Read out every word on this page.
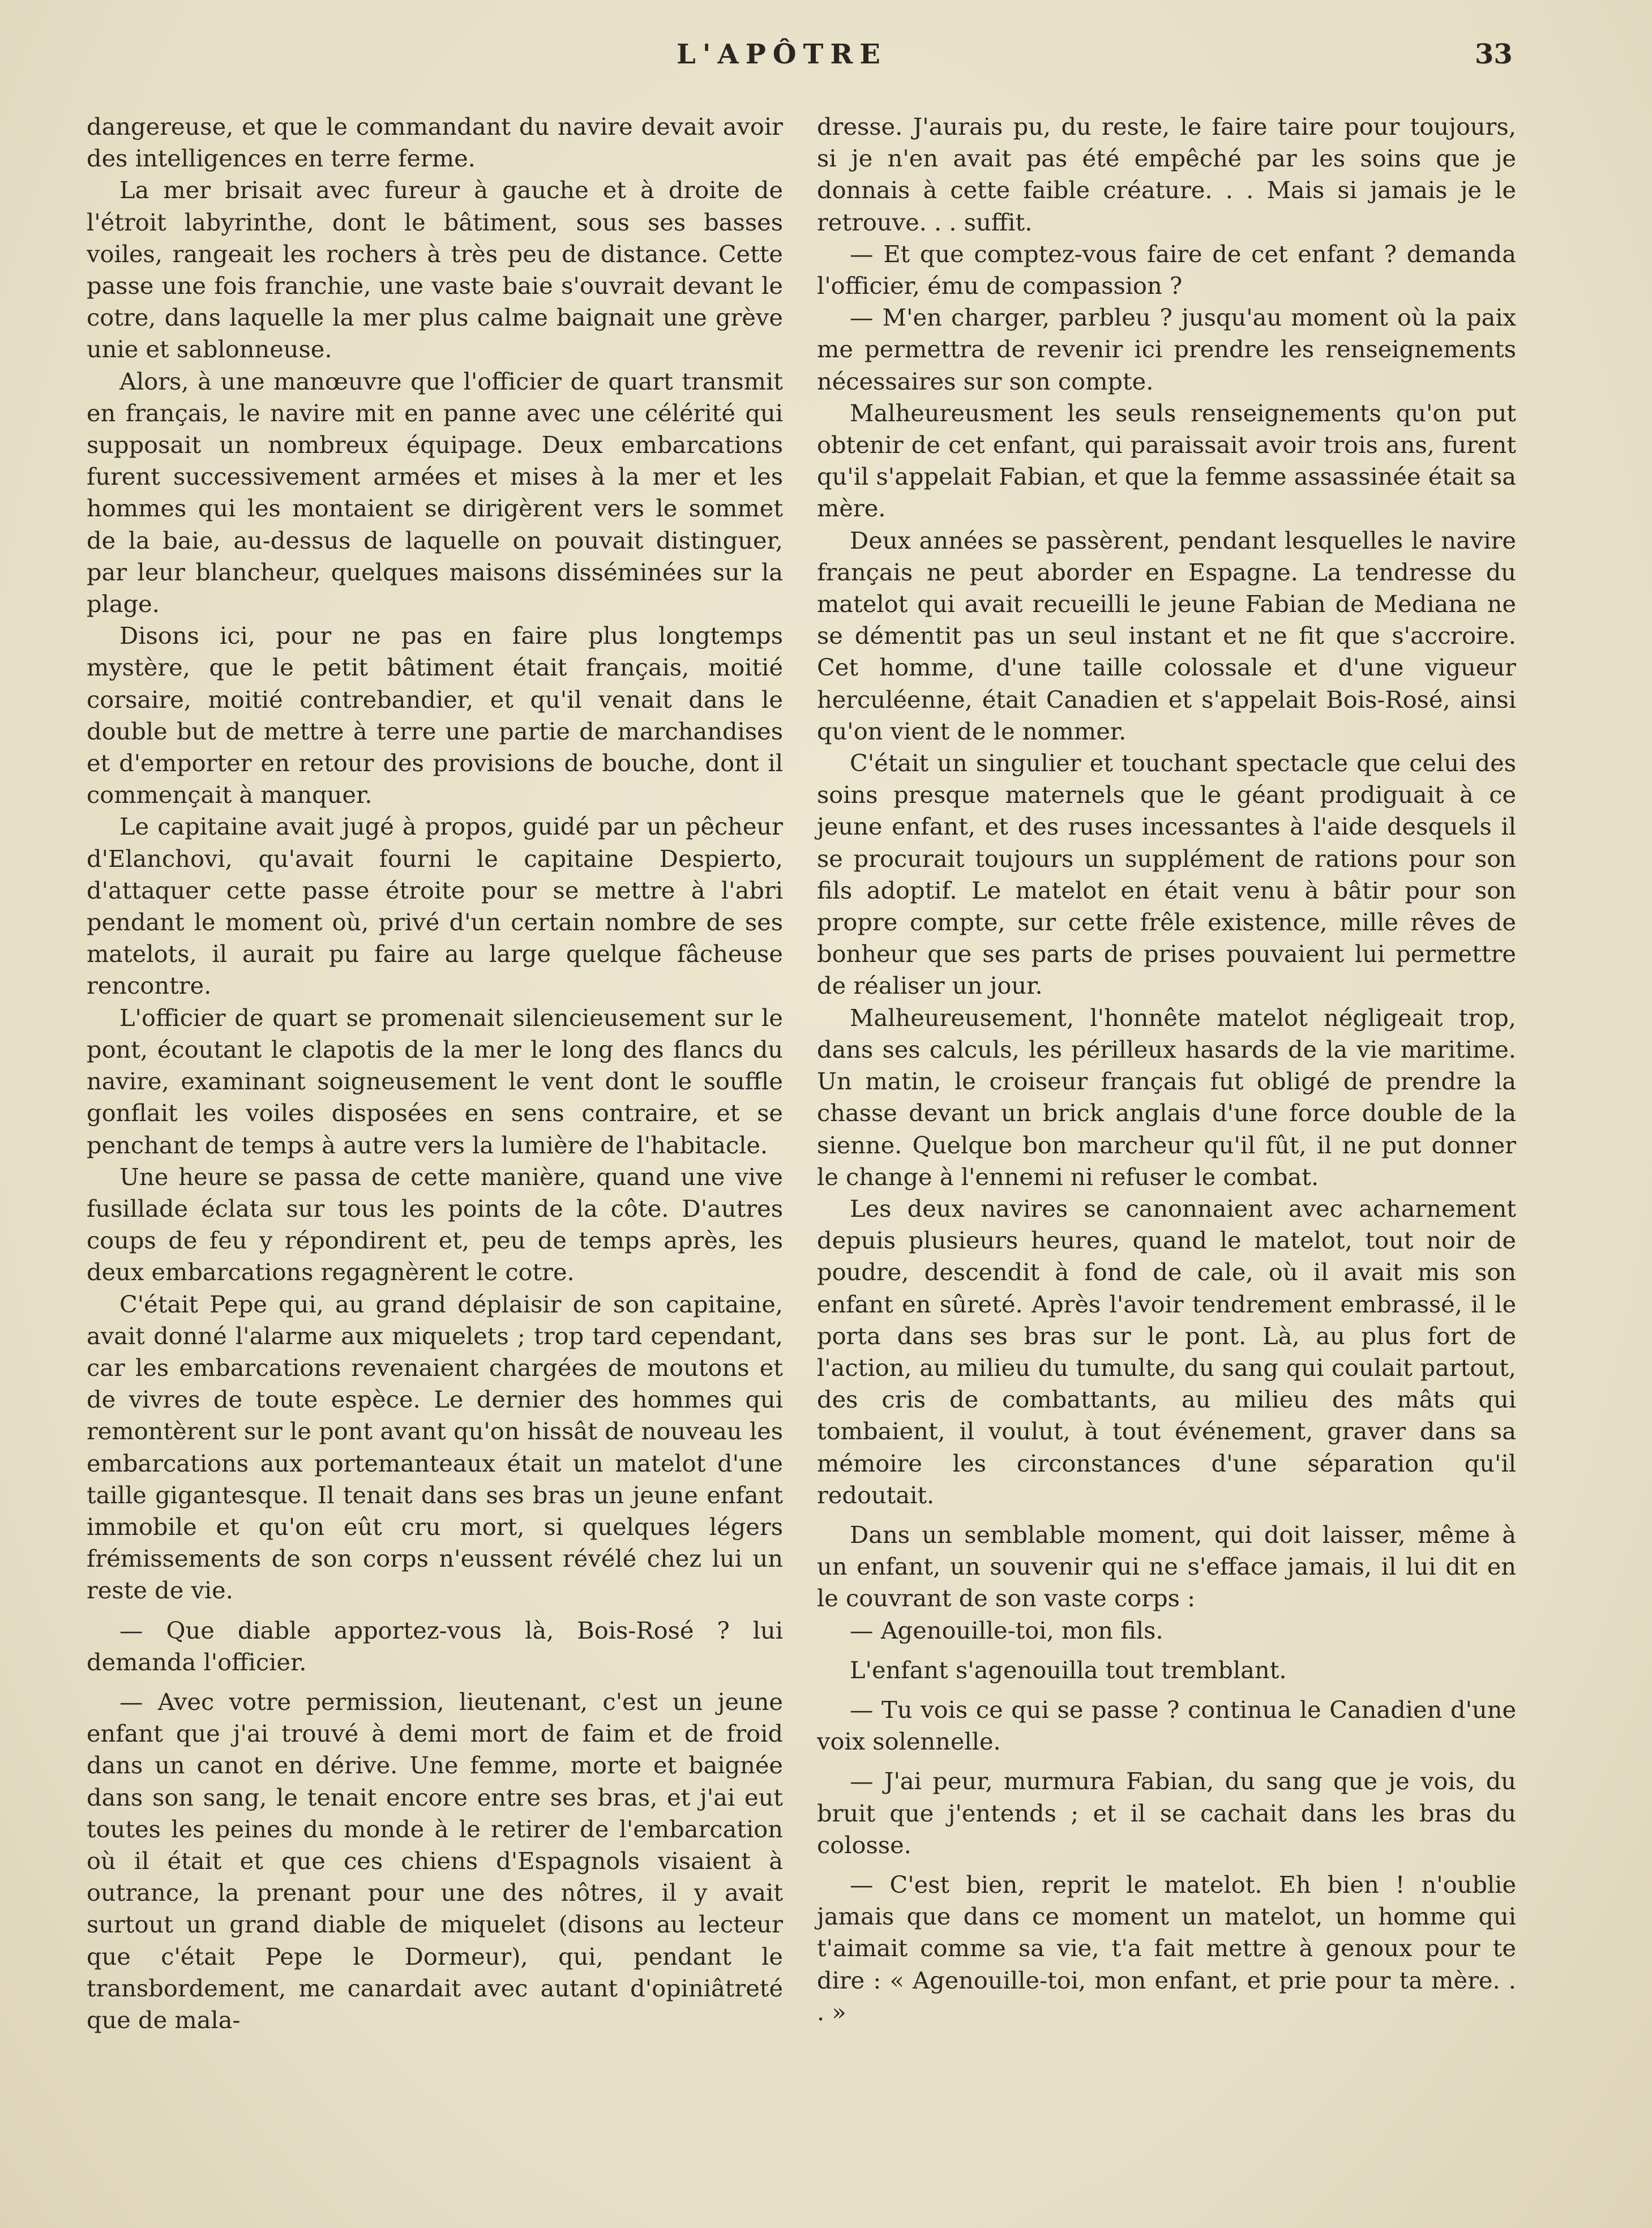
L'APÔTRE	33

dangereuse, et que le commandant du navire devait avoir des intelligences en terre ferme.

La mer brisait avec fureur à gauche et à droite de l'étroit labyrinthe, dont le bâtiment, sous ses basses voiles, rangeait les rochers à très peu de distance. Cette passe une fois franchie, une vaste baie s'ouvrait devant le cotre, dans laquelle la mer plus calme baignait une grève unie et sablonneuse.

Alors, à une manœuvre que l'officier de quart transmit en français, le navire mit en panne avec une célérité qui supposait un nombreux équipage. Deux embarcations furent successivement armées et mises à la mer et les hommes qui les montaient se dirigèrent vers le sommet de la baie, au-dessus de laquelle on pouvait distinguer, par leur blancheur, quelques maisons disséminées sur la plage.

Disons ici, pour ne pas en faire plus longtemps mystère, que le petit bâtiment était français, moitié corsaire, moitié contrebandier, et qu'il venait dans le double but de mettre à terre une partie de marchandises et d'emporter en retour des provisions de bouche, dont il commençait à manquer.

Le capitaine avait jugé à propos, guidé par un pêcheur d'Elanchovi, qu'avait fourni le capitaine Despierto, d'attaquer cette passe étroite pour se mettre à l'abri pendant le moment où, privé d'un certain nombre de ses matelots, il aurait pu faire au large quelque fâcheuse rencontre.

L'officier de quart se promenait silencieusement sur le pont, écoutant le clapotis de la mer le long des flancs du navire, examinant soigneusement le vent dont le souffle gonflait les voiles disposées en sens contraire, et se penchant de temps à autre vers la lumière de l'habitacle.

Une heure se passa de cette manière, quand une vive fusillade éclata sur tous les points de la côte. D'autres coups de feu y répondirent et, peu de temps après, les deux embarcations regagnèrent le cotre.

C'était Pepe qui, au grand déplaisir de son capitaine, avait donné l'alarme aux miquelets ; trop tard cependant, car les embarcations revenaient chargées de moutons et de vivres de toute espèce. Le dernier des hommes qui remontèrent sur le pont avant qu'on hissât de nouveau les embarcations aux portemanteaux était un matelot d'une taille gigantesque. Il tenait dans ses bras un jeune enfant immobile et qu'on eût cru mort, si quelques légers frémissements de son corps n'eussent révélé chez lui un reste de vie.

— Que diable apportez-vous là, Bois-Rosé ? lui demanda l'officier.

— Avec votre permission, lieutenant, c'est un jeune enfant que j'ai trouvé à demi mort de faim et de froid dans un canot en dérive. Une femme, morte et baignée dans son sang, le tenait encore entre ses bras, et j'ai eut toutes les peines du monde à le retirer de l'embarcation où il était et que ces chiens d'Espagnols visaient à outrance, la prenant pour une des nôtres, il y avait surtout un grand diable de miquelet (disons au lecteur que c'était Pepe le Dormeur), qui, pendant le transbordement, me canardait avec autant d'opiniâtreté que de mala-

dresse. J'aurais pu, du reste, le faire taire pour toujours, si je n'en avait pas été empêché par les soins que je donnais à cette faible créature. . . Mais si jamais je le retrouve. . . suffit.

— Et que comptez-vous faire de cet enfant ? demanda l'officier, ému de compassion ?

— M'en charger, parbleu ? jusqu'au moment où la paix me permettra de revenir ici prendre les renseignements nécessaires sur son compte.

Malheureusment les seuls renseignements qu'on put obtenir de cet enfant, qui paraissait avoir trois ans, furent qu'il s'appelait Fabian, et que la femme assassinée était sa mère.

Deux années se passèrent, pendant lesquelles le navire français ne peut aborder en Espagne. La tendresse du matelot qui avait recueilli le jeune Fabian de Mediana ne se démentit pas un seul instant et ne fit que s'accroire. Cet homme, d'une taille colossale et d'une vigueur herculéenne, était Canadien et s'appelait Bois-Rosé, ainsi qu'on vient de le nommer.

C'était un singulier et touchant spectacle que celui des soins presque maternels que le géant prodiguait à ce jeune enfant, et des ruses incessantes à l'aide desquels il se procurait toujours un supplément de rations pour son fils adoptif. Le matelot en était venu à bâtir pour son propre compte, sur cette frêle existence, mille rêves de bonheur que ses parts de prises pouvaient lui permettre de réaliser un jour.

Malheureusement, l'honnête matelot négligeait trop, dans ses calculs, les périlleux hasards de la vie maritime. Un matin, le croiseur français fut obligé de prendre la chasse devant un brick anglais d'une force double de la sienne. Quelque bon marcheur qu'il fût, il ne put donner le change à l'ennemi ni refuser le combat.

Les deux navires se canonnaient avec acharnement depuis plusieurs heures, quand le matelot, tout noir de poudre, descendit à fond de cale, où il avait mis son enfant en sûreté. Après l'avoir tendrement embrassé, il le porta dans ses bras sur le pont. Là, au plus fort de l'action, au milieu du tumulte, du sang qui coulait partout, des cris de combattants, au milieu des mâts qui tombaient, il voulut, à tout événement, graver dans sa mémoire les circonstances d'une séparation qu'il redoutait.

Dans un semblable moment, qui doit laisser, même à un enfant, un souvenir qui ne s'efface jamais, il lui dit en le couvrant de son vaste corps :

— Agenouille-toi, mon fils.

L'enfant s'agenouilla tout tremblant.

— Tu vois ce qui se passe ? continua le Canadien d'une voix solennelle.

— J'ai peur, murmura Fabian, du sang que je vois, du bruit que j'entends ; et il se cachait dans les bras du colosse.

— C'est bien, reprit le matelot. Eh bien ! n'oublie jamais que dans ce moment un matelot, un homme qui t'aimait comme sa vie, t'a fait mettre à genoux pour te dire : « Agenouille-toi, mon enfant, et prie pour ta mère. . . »
